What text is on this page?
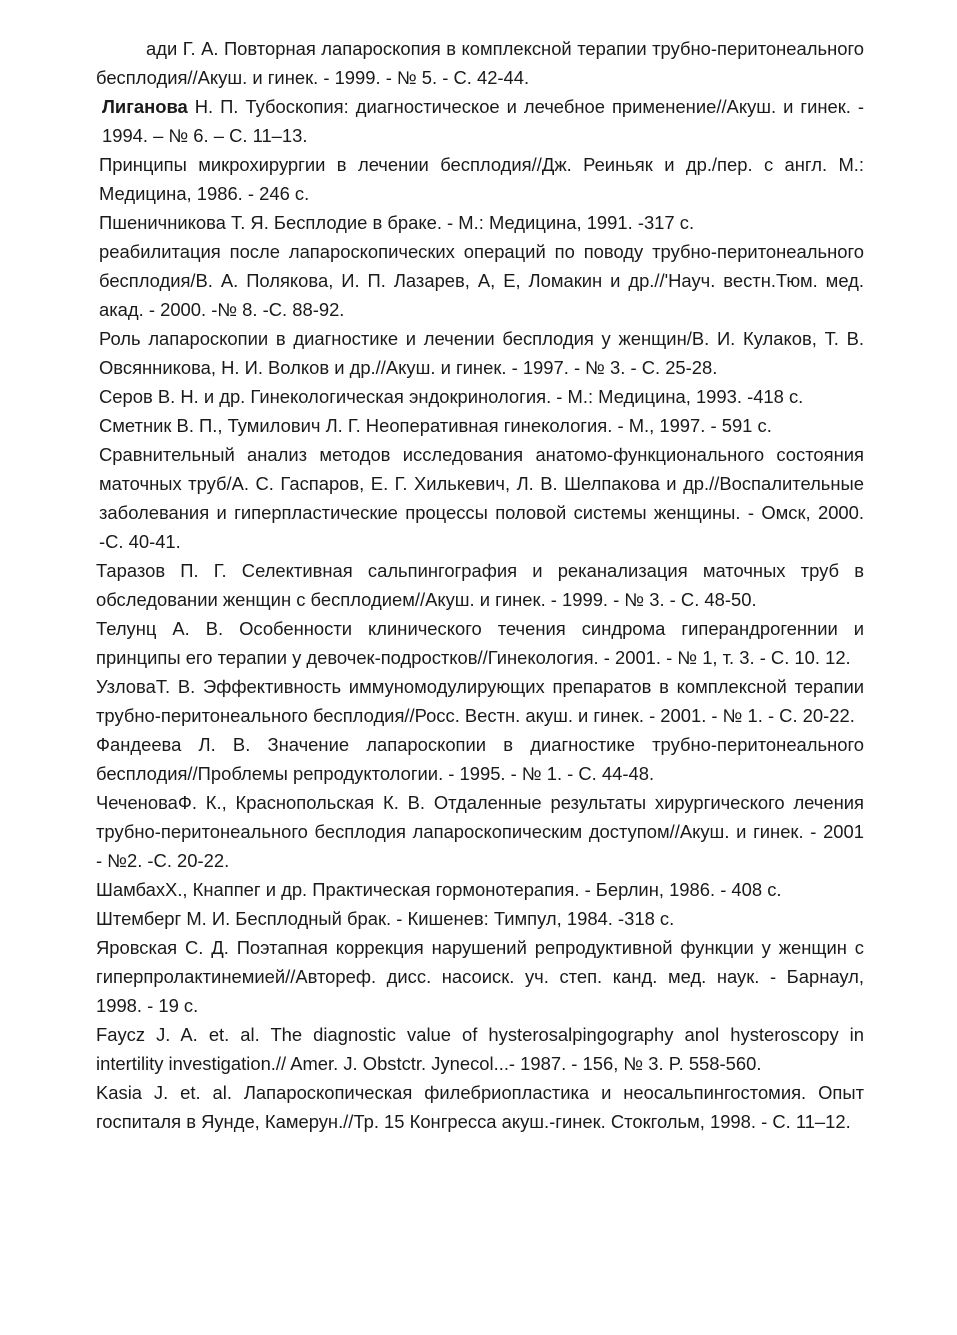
ади Г. А. Повторная лапароскопия в комплексной терапии трубно-перитонеального бесплодия//Акуш. и гинек. - 1999. - № 5. - С. 42-44.

Лиганова Н. П. Тубоскопия: диагностическое и лечебное применение//Акуш. и гинек. - 1994. – № 6. – С. 11–13.

Принципы микрохирургии в лечении бесплодия//Дж. Реиньяк и др./пер. с англ. М.: Медицина, 1986. - 246 с.

Пшеничникова Т. Я. Бесплодие в браке. - М.: Медицина, 1991. -317 с.

реабилитация после лапароскопических операций по поводу трубно-перитонеального бесплодия/В. А. Полякова, И. П. Лазарев, А, Е, Ломакин и др.//'Науч. вестн.Тюм. мед. акад. - 2000. -№ 8. -С. 88-92.

Роль лапароскопии в диагностике и лечении бесплодия у женщин/В. И. Кулаков, Т. В. Овсянникова, Н. И. Волков и др.//Акуш. и гинек. - 1997. - № 3. - С. 25-28.

Серов В. Н. и др. Гинекологическая эндокринология. - М.: Медицина, 1993. -418 с.

Сметник В. П., Тумилович Л. Г. Неоперативная гинекология. - М., 1997. - 591 с.

Сравнительный анализ методов исследования анатомо-функционального состояния маточных труб/А. С. Гаспаров, Е. Г. Хилькевич, Л. В. Шелпакова и др.//Воспалительные заболевания и гиперпластические процессы половой системы женщины. - Омск, 2000. -С. 40-41.

Таразов П. Г. Селективная сальпингография и реканализация маточных труб в обследовании женщин с бесплодием//Акуш. и гинек. - 1999. - № 3. - С. 48-50.

Телунц А. В. Особенности клинического течения синдрома гиперандрогеннии и принципы его терапии у девочек-подростков//Гинекология. - 2001. - № 1, т. 3. - С. 10. 12.

УзловаТ. В. Эффективность иммуномодулирующих препаратов в комплексной терапии трубно-перитонеального бесплодия//Росс. Вестн. акуш. и гинек. - 2001. - № 1. - С. 20-22.

Фандеева Л. В. Значение лапароскопии в диагностике трубно-перитонеального бесплодия//Проблемы репродуктологии. - 1995. - № 1. - С. 44-48.

ЧеченоваФ. К., Краснопольская К. В. Отдаленные результаты хирургического лечения трубно-перитонеального бесплодия лапароскопическим доступом//Акуш. и гинек. - 2001 - №2. -С. 20-22.

ШамбахХ., Кнаппег и др. Практическая гормонотерапия. - Берлин, 1986. - 408 с.

Штемберг М. И. Бесплодный брак. - Кишенев: Тимпул, 1984. -318 с.

Яровская С. Д. Поэтапная коррекция нарушений репродуктивной функции у женщин с гиперпролактинемией//Автореф. дисс. насоиск. уч. степ. канд. мед. наук. - Барнаул, 1998. - 19 с.

Faycz J. A. et. al. The diagnostic value of hysterosalpingography anol hysteroscopy in intertility investigation.// Amer. J. Obstctr. Jynecol...- 1987. - 156, № 3. P. 558-560.

Kasia J. et. al. Лапароскопическая филебриопластика и неосальпингостомия. Опыт госпиталя в Яунде, Камерун.//Тр. 15 Конгресса акуш.-гинек. Стокгольм, 1998. - С. 11–12.
